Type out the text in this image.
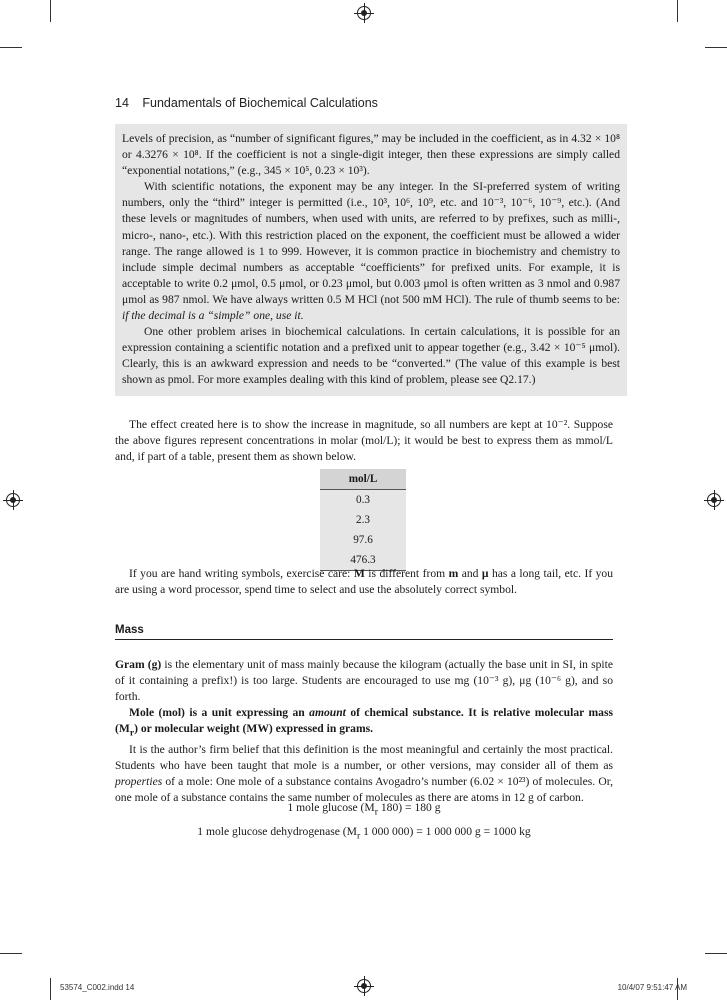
14 Fundamentals of Biochemical Calculations

Levels of precision, as “number of significant figures,” may be included in the coefficient, as in 4.32 × 10⁸ or 4.3276 × 10⁸. If the coefficient is not a single-digit integer, then these expressions are simply called “exponential notations,” (e.g., 345 × 10⁵, 0.23 × 10³).

With scientific notations, the exponent may be any integer. In the SI-preferred system of writing numbers, only the “third” integer is permitted (i.e., 10³, 10⁶, 10⁹, etc. and 10⁻³, 10⁻⁶, 10⁻⁹, etc.). (And these levels or magnitudes of numbers, when used with units, are referred to by prefixes, such as milli-, micro-, nano-, etc.). With this restriction placed on the exponent, the coefficient must be allowed a wider range. The range allowed is 1 to 999. However, it is common practice in biochemistry and chemistry to include simple decimal numbers as acceptable “coefficients” for prefixed units. For example, it is acceptable to write 0.2 μmol, 0.5 μmol, or 0.23 μmol, but 0.003 μmol is often written as 3 nmol and 0.987 μmol as 987 nmol. We have always written 0.5 M HCl (not 500 mM HCl). The rule of thumb seems to be: if the decimal is a “simple” one, use it.

One other problem arises in biochemical calculations. In certain calculations, it is possible for an expression containing a scientific notation and a prefixed unit to appear together (e.g., 3.42 × 10⁻⁵ μmol). Clearly, this is an awkward expression and needs to be “converted.” (The value of this example is best shown as pmol. For more examples dealing with this kind of problem, please see Q2.17.)

The effect created here is to show the increase in magnitude, so all numbers are kept at 10⁻². Suppose the above figures represent concentrations in molar (mol/L); it would be best to express them as mmol/L and, if part of a table, present them as shown below.

mol/L
0.3
2.3
97.6
476.3

If you are hand writing symbols, exercise care: M is different from m and μ has a long tail, etc. If you are using a word processor, spend time to select and use the absolutely correct symbol.

Mass

Gram (g) is the elementary unit of mass mainly because the kilogram (actually the base unit in SI, in spite of it containing a prefix!) is too large. Students are encouraged to use mg (10⁻³ g), μg (10⁻⁶ g), and so forth.

Mole (mol) is a unit expressing an amount of chemical substance. It is relative molecular mass $(M_r)$ or molecular weight (MW) expressed in grams.

It is the author’s firm belief that this definition is the most meaningful and certainly the most practical. Students who have been taught that mole is a number, or other versions, may consider all of them as properties of a mole: One mole of a substance contains Avogadro’s number (6.02 × 10²³) of molecules. Or, one mole of a substance contains the same number of molecules as there are atoms in 12 g of carbon.

1 mole glucose ($M_r$ 180) = 180 g
1 mole glucose dehydrogenase ($M_r$ 1 000 000) = 1 000 000 g = 1000 kg
53574_C002.indd 14	10/4/07 9:51:47 AM
